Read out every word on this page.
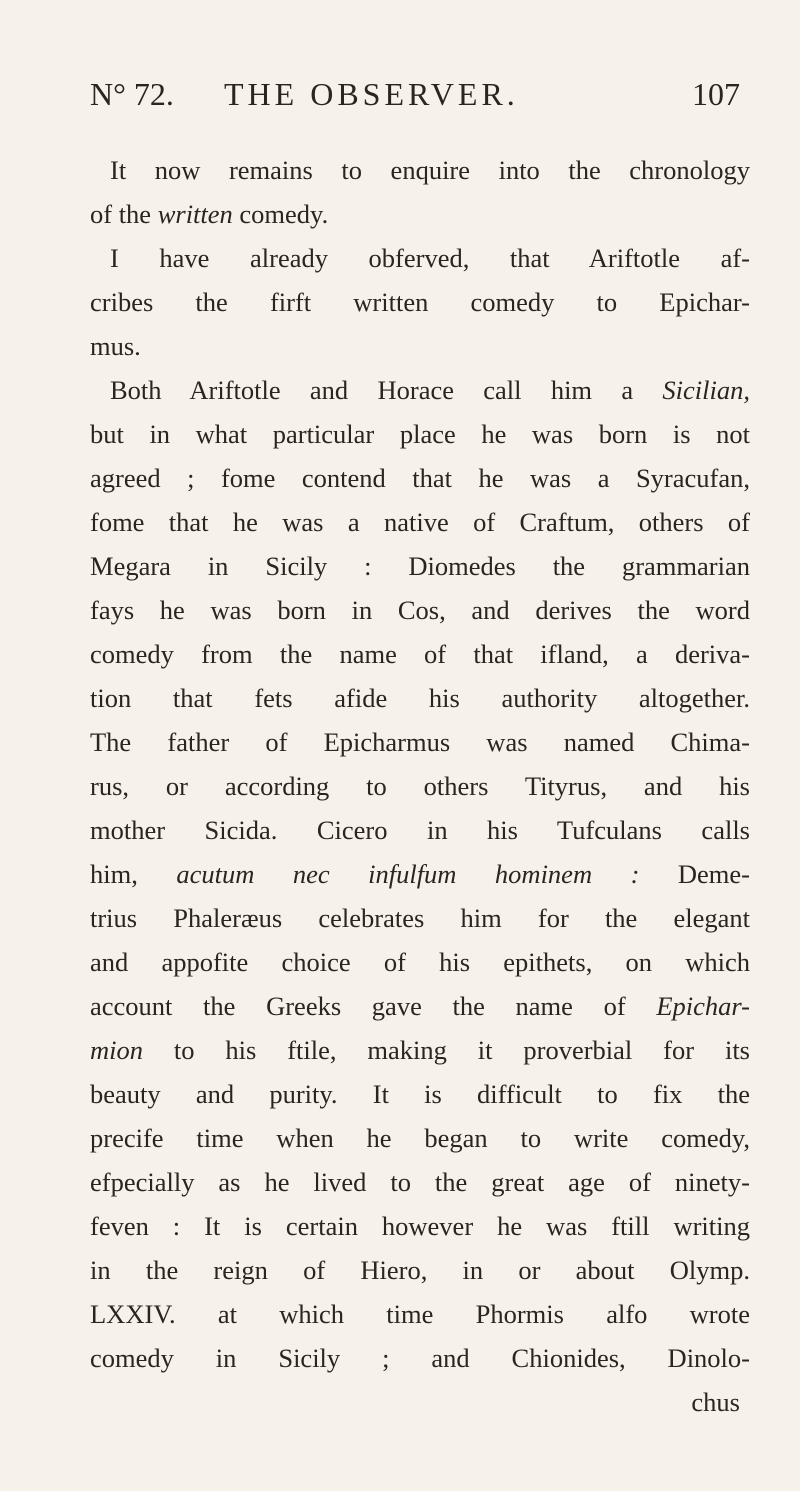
N° 72. THE OBSERVER.	107
It now remains to enquire into the chronology
of the written comedy.
I have already obferved, that Ariftotle af-
cribes the firft written comedy to Epichar-
mus.
Both Ariftotle and Horace call him a Sicilian,
but in what particular place he was born is not
agreed ; fome contend that he was a Syracufan,
fome that he was a native of Craftum, others of
Megara in Sicily : Diomedes the grammarian
fays he was born in Cos, and derives the word
comedy from the name of that ifland, a deriva-
tion that fets afide his authority altogether.
The father of Epicharmus was named Chima-
rus, or according to others Tityrus, and his
mother Sicida. Cicero in his Tufculans calls
him, acutum nec infulfum hominem : Deme-
trius Phaleræus celebrates him for the elegant
and appofite choice of his epithets, on which
account the Greeks gave the name of Epichar-
mion to his ftile, making it proverbial for its
beauty and purity. It is difficult to fix the
precife time when he began to write comedy,
efpecially as he lived to the great age of ninety-
feven : It is certain however he was ftill writing
in the reign of Hiero, in or about Olymp.
LXXIV. at which time Phormis alfo wrote
comedy in Sicily ; and Chionides, Dinolo-
chus
